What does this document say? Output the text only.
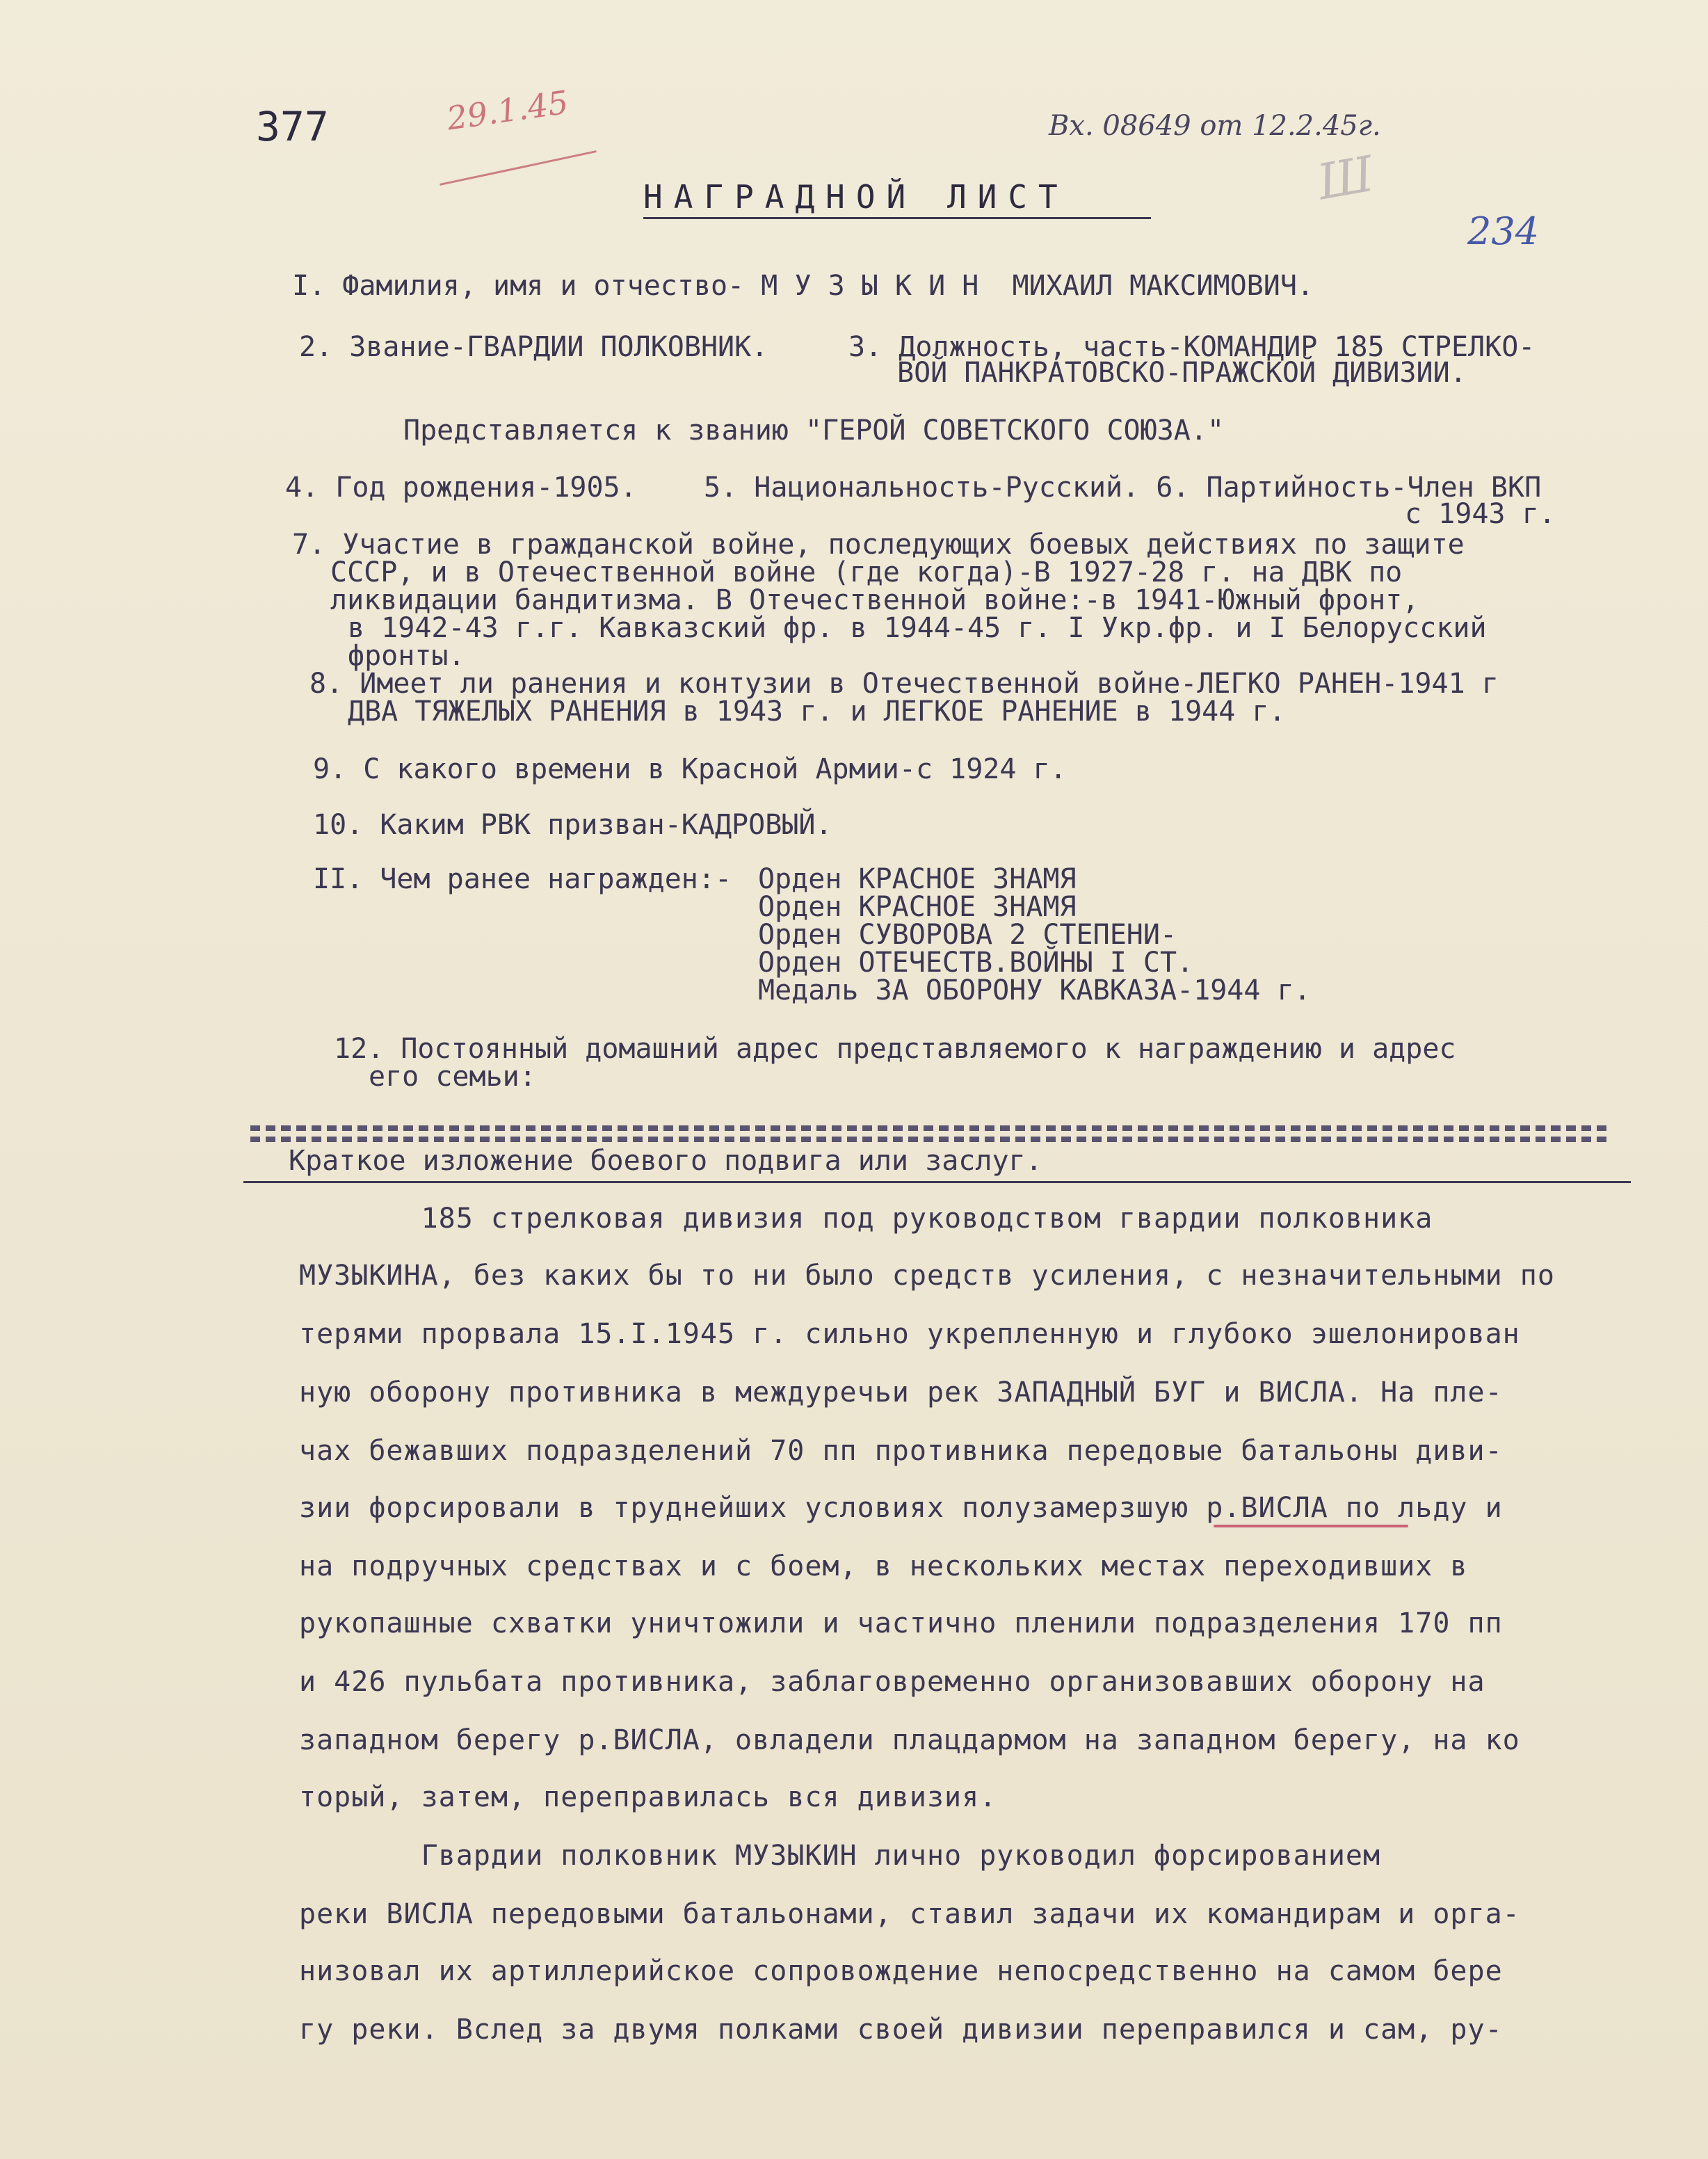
377	29.1.45	Вх. 08649 от 12.2.45г.
Ш
234
НАГРАДНОЙ ЛИСТ
I. Фамилия, имя и отчество- М У З Ы К И Н  МИХАИЛ МАКСИМОВИЧ.
2. Звание-ГВАРДИИ ПОЛКОВНИК.	3. Должность, часть-КОМАНДИР 185 СТРЕЛКО-
ВОЙ ПАНКРАТОВСКО-ПРАЖСКОЙ ДИВИЗИИ.
Представляется к званию "ГЕРОЙ СОВЕТСКОГО СОЮЗА."
4. Год рождения-1905.    5. Национальность-Русский. 6. Партийность-Член ВКП
с 1943 г.
7. Участие в гражданской войне, последующих боевых действиях по защите
СССР, и в Отечественной войне (где когда)-В 1927-28 г. на ДВК по
ликвидации бандитизма. В Отечественной войне:-в 1941-Южный фронт,
в 1942-43 г.г. Кавказский фр. в 1944-45 г. I Укр.фр. и I Белорусский
фронты.
8. Имеет ли ранения и контузии в Отечественной войне-ЛЕГКО РАНЕН-1941 г
ДВА ТЯЖЕЛЫХ РАНЕНИЯ в 1943 г. и ЛЕГКОЕ РАНЕНИЕ в 1944 г.
9. С какого времени в Красной Армии-с 1924 г.
10. Каким РВК призван-КАДРОВЫЙ.
II. Чем ранее награжден:- Орден КРАСНОЕ ЗНАМЯ
Орден КРАСНОЕ ЗНАМЯ
Орден СУВОРОВА 2 СТЕПЕНИ-
Орден ОТЕЧЕСТВ.ВОЙНЫ I СТ.
Медаль ЗА ОБОРОНУ КАВКАЗА-1944 г.
12. Постоянный домашний адрес представляемого к награждению и адрес
его семьи:
Краткое изложение боевого подвига или заслуг.
185 стрелковая дивизия под руководством гвардии полковника
МУЗЫКИНА, без каких бы то ни было средств усиления, с незначительными по
терями прорвала 15.I.1945 г. сильно укрепленную и глубоко эшелонирован
ную оборону противника в междуречьи рек ЗАПАДНЫЙ БУГ и ВИСЛА. На пле-
чах бежавших подразделений 70 пп противника передовые батальоны диви-
зии форсировали в труднейших условиях полузамерзшую р.ВИСЛА по льду и
на подручных средствах и с боем, в нескольких местах переходивших в
рукопашные схватки уничтожили и частично пленили подразделения 170 пп
и 426 пульбата противника, заблаговременно организовавших оборону на
западном берегу р.ВИСЛА, овладели плацдармом на западном берегу, на ко
торый, затем, переправилась вся дивизия.
Гвардии полковник МУЗЫКИН лично руководил форсированием
реки ВИСЛА передовыми батальонами, ставил задачи их командирам и орга-
низовал их артиллерийское сопровождение непосредственно на самом бере
гу реки. Вслед за двумя полками своей дивизии переправился и сам, ру-
